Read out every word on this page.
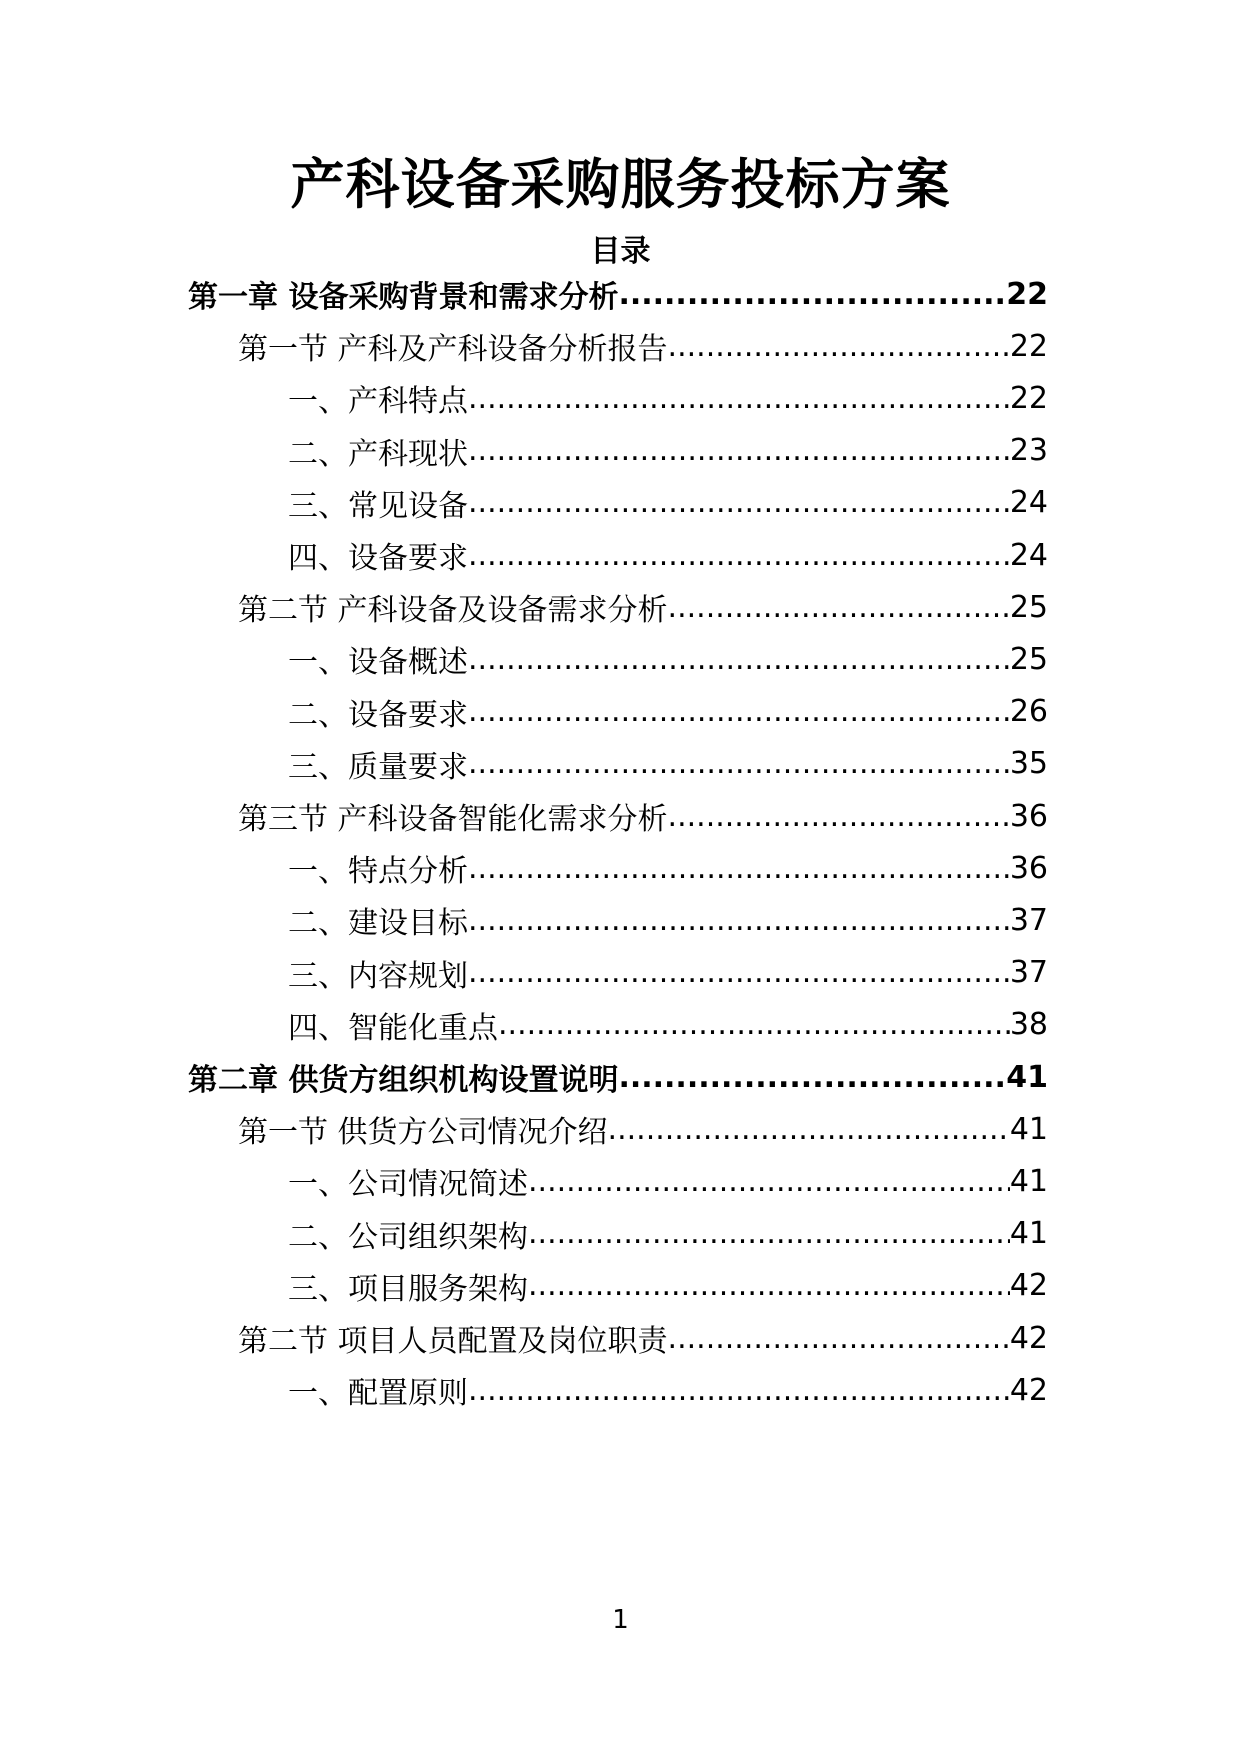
产科设备采购服务投标方案
目录
第一章 设备采购背景和需求分析 .....	22
第一节 产科及产科设备分析报告 .....	22
一、产科特点 .....	22
二、产科现状 .....	23
三、常见设备 .....	24
四、设备要求 .....	24
第二节 产科设备及设备需求分析 .....	25
一、设备概述 .....	25
二、设备要求 .....	26
三、质量要求 .....	35
第三节 产科设备智能化需求分析 .....	36
一、特点分析 .....	36
二、建设目标 .....	37
三、内容规划 .....	37
四、智能化重点 .....	38
第二章 供货方组织机构设置说明 .....	41
第一节 供货方公司情况介绍 .....	41
一、公司情况简述 .....	41
二、公司组织架构 .....	41
三、项目服务架构 .....	42
第二节 项目人员配置及岗位职责 .....	42
一、配置原则 .....	42
1
